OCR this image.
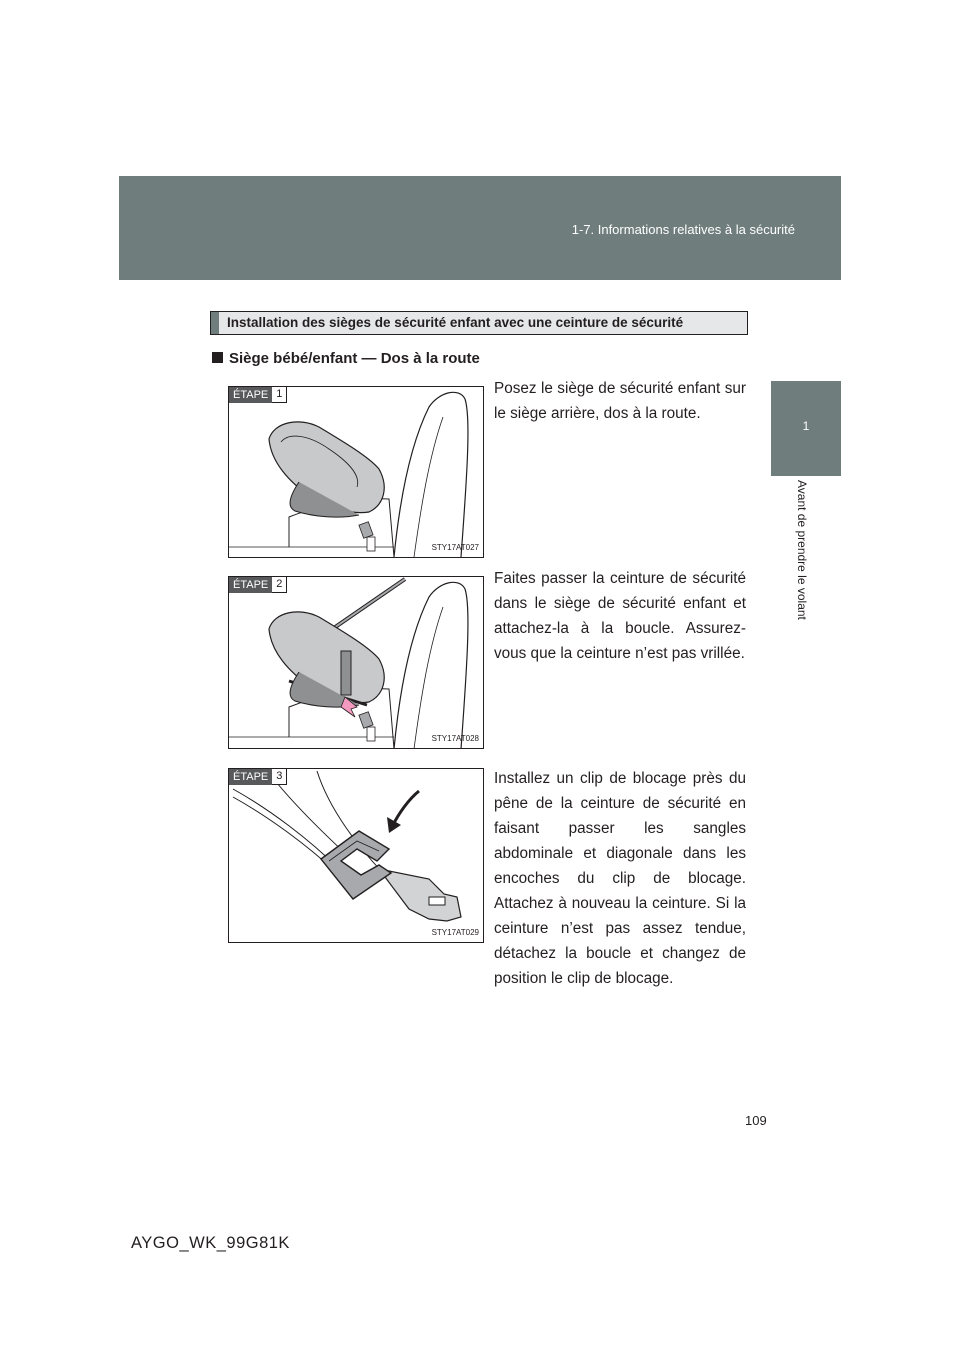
1-7. Informations relatives à la sécurité
1
Avant de prendre le volant
Installation des sièges de sécurité enfant avec une ceinture de sécurité
Siège bébé/enfant — Dos à la route
ÉTAPE 1
STY17AT027
Posez le siège de sécurité enfant sur le siège arrière, dos à la route.
ÉTAPE 2
STY17AT028
Faites passer la ceinture de sécurité dans le siège de sécurité enfant et attachez-la à la boucle. Assurez-vous que la ceinture n’est pas vrillée.
ÉTAPE 3
STY17AT029
Installez un clip de blocage près du pêne de la ceinture de sécurité en faisant passer les sangles abdominale et diagonale dans les encoches du clip de blocage. Attachez à nouveau la ceinture. Si la ceinture n’est pas assez tendue, détachez la boucle et changez de position le clip de blocage.
109
AYGO_WK_99G81K
